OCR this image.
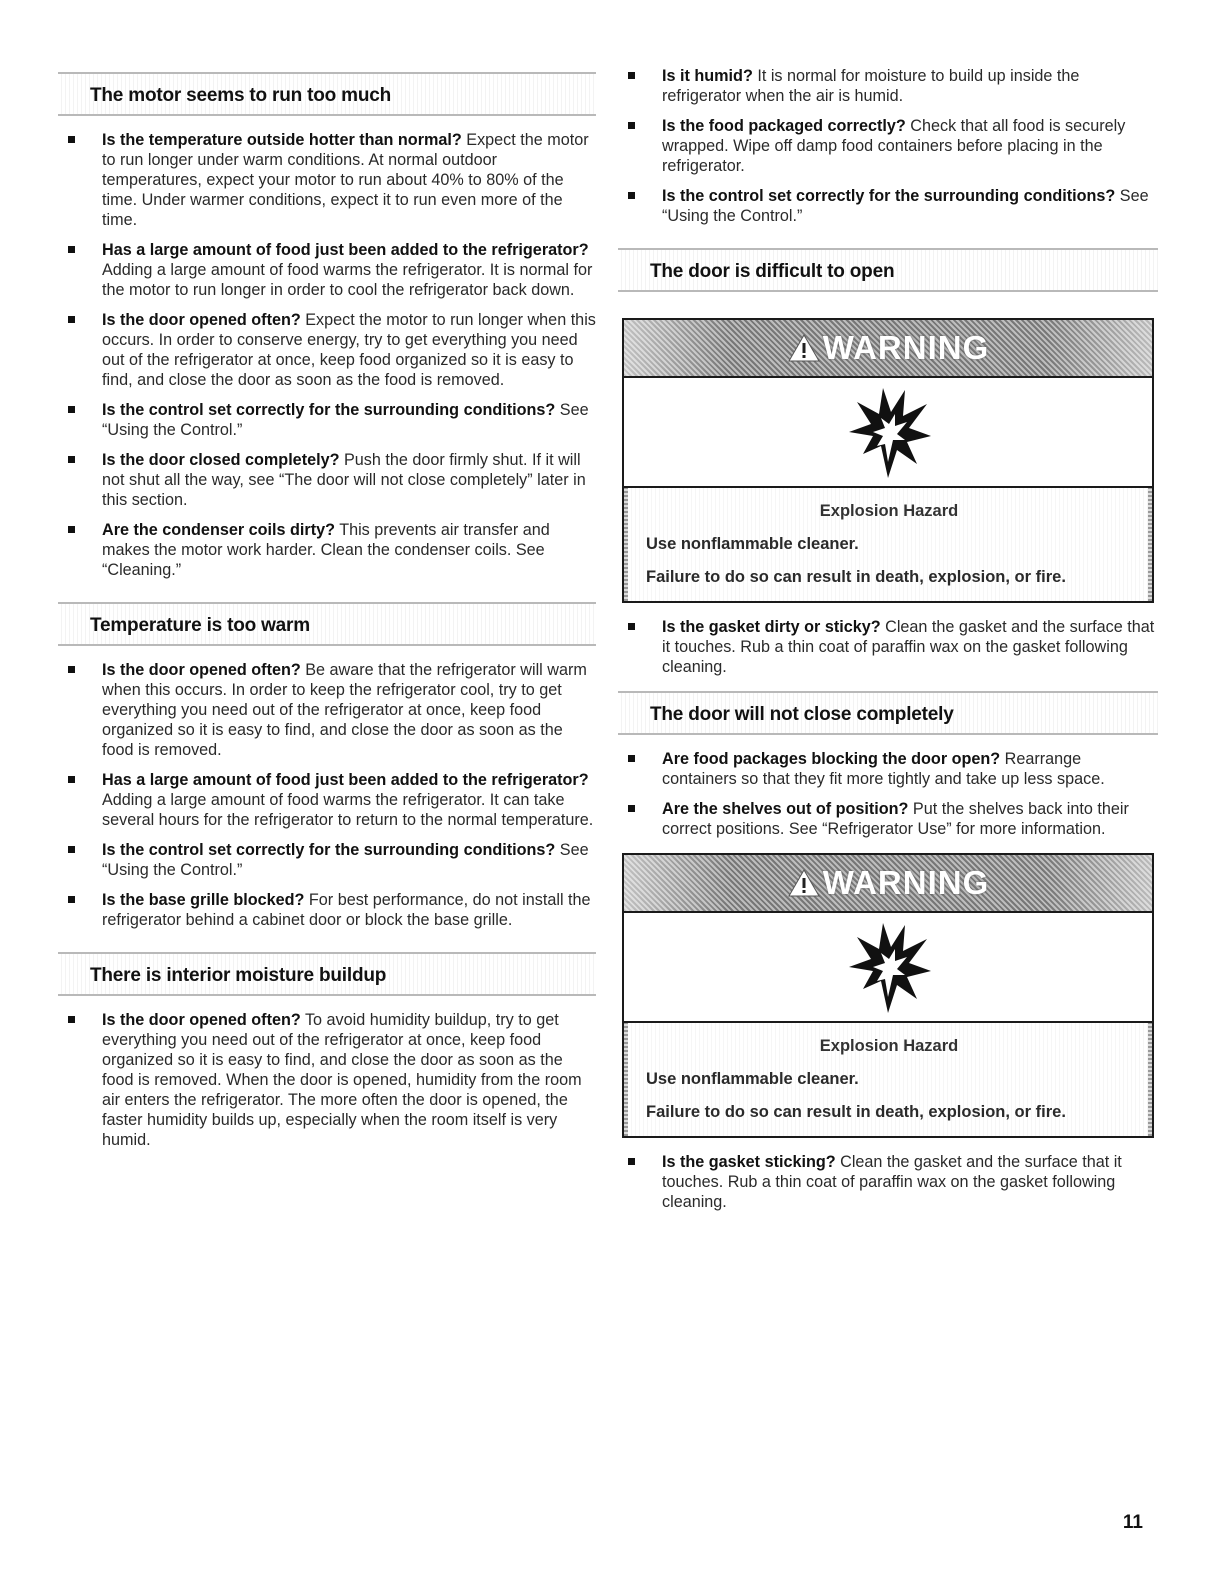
The motor seems to run too much
Is the temperature outside hotter than normal? Expect the motor to run longer under warm conditions. At normal outdoor temperatures, expect your motor to run about 40% to 80% of the time. Under warmer conditions, expect it to run even more of the time.
Has a large amount of food just been added to the refrigerator? Adding a large amount of food warms the refrigerator. It is normal for the motor to run longer in order to cool the refrigerator back down.
Is the door opened often? Expect the motor to run longer when this occurs. In order to conserve energy, try to get everything you need out of the refrigerator at once, keep food organized so it is easy to find, and close the door as soon as the food is removed.
Is the control set correctly for the surrounding conditions? See “Using the Control.”
Is the door closed completely? Push the door firmly shut. If it will not shut all the way, see “The door will not close completely” later in this section.
Are the condenser coils dirty? This prevents air transfer and makes the motor work harder. Clean the condenser coils. See “Cleaning.”
Temperature is too warm
Is the door opened often? Be aware that the refrigerator will warm when this occurs. In order to keep the refrigerator cool, try to get everything you need out of the refrigerator at once, keep food organized so it is easy to find, and close the door as soon as the food is removed.
Has a large amount of food just been added to the refrigerator? Adding a large amount of food warms the refrigerator. It can take several hours for the refrigerator to return to the normal temperature.
Is the control set correctly for the surrounding conditions? See “Using the Control.”
Is the base grille blocked? For best performance, do not install the refrigerator behind a cabinet door or block the base grille.
There is interior moisture buildup
Is the door opened often? To avoid humidity buildup, try to get everything you need out of the refrigerator at once, keep food organized so it is easy to find, and close the door as soon as the food is removed. When the door is opened, humidity from the room air enters the refrigerator. The more often the door is opened, the faster humidity builds up, especially when the room itself is very humid.
Is it humid? It is normal for moisture to build up inside the refrigerator when the air is humid.
Is the food packaged correctly? Check that all food is securely wrapped. Wipe off damp food containers before placing in the refrigerator.
Is the control set correctly for the surrounding conditions? See “Using the Control.”
The door is difficult to open
WARNING
Explosion Hazard

Use nonflammable cleaner.

Failure to do so can result in death, explosion, or fire.

Is the gasket dirty or sticky? Clean the gasket and the surface that it touches. Rub a thin coat of paraffin wax on the gasket following cleaning.
The door will not close completely
Are food packages blocking the door open? Rearrange containers so that they fit more tightly and take up less space.
Are the shelves out of position? Put the shelves back into their correct positions. See “Refrigerator Use” for more information.
WARNING
Explosion Hazard

Use nonflammable cleaner.

Failure to do so can result in death, explosion, or fire.

Is the gasket sticking? Clean the gasket and the surface that it touches. Rub a thin coat of paraffin wax on the gasket following cleaning.
11
